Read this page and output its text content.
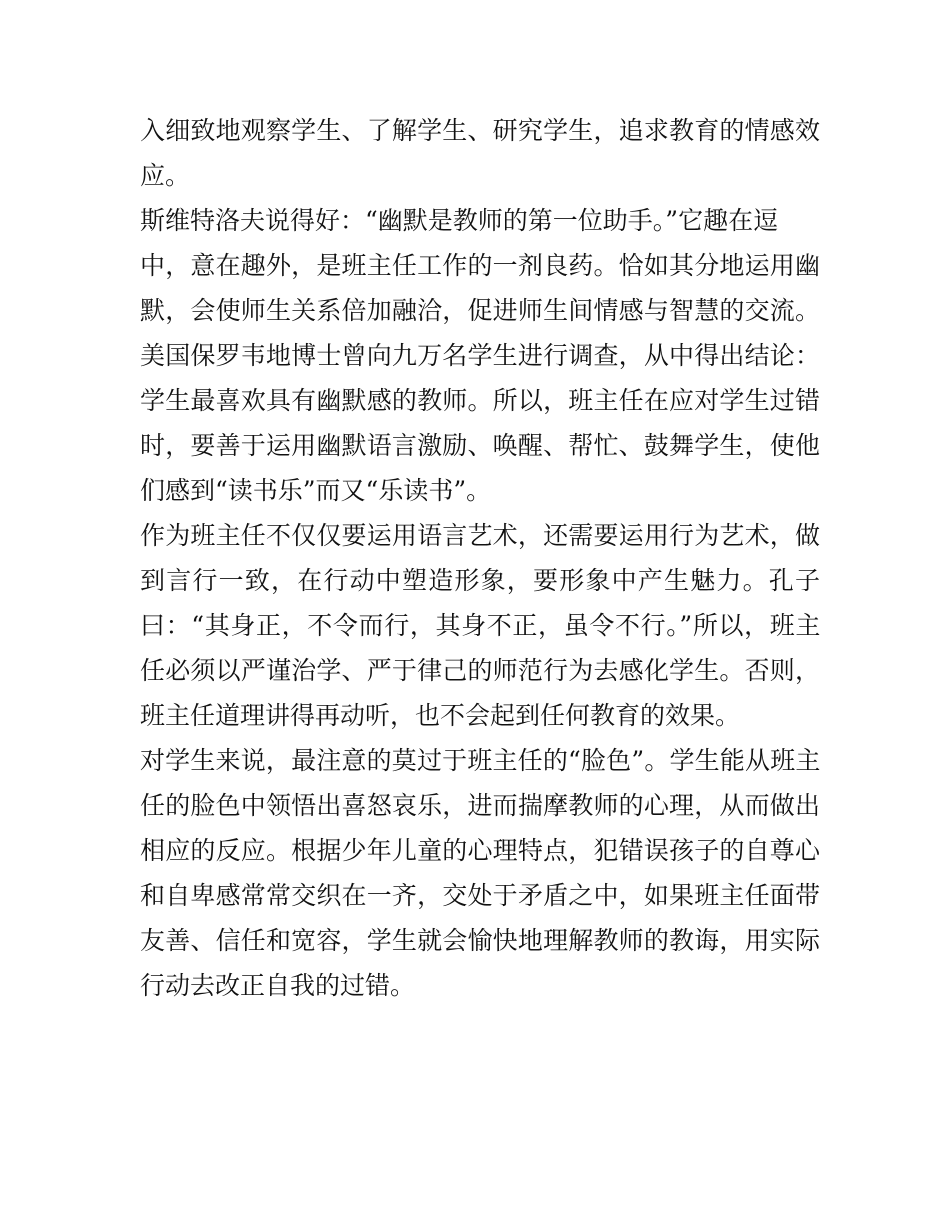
入细致地观察学生、了解学生、研究学生，追求教育的情感效
应。
斯维特洛夫说得好：“幽默是教师的第一位助手。”它趣在逗
中，意在趣外，是班主任工作的一剂良药。恰如其分地运用幽
默，会使师生关系倍加融洽，促进师生间情感与智慧的交流。
美国保罗韦地博士曾向九万名学生进行调查，从中得出结论：
学生最喜欢具有幽默感的教师。所以，班主任在应对学生过错
时，要善于运用幽默语言激励、唤醒、帮忙、鼓舞学生，使他
们感到“读书乐”而又“乐读书”。
作为班主任不仅仅要运用语言艺术，还需要运用行为艺术，做
到言行一致，在行动中塑造形象，要形象中产生魅力。孔子
曰：“其身正，不令而行，其身不正，虽令不行。”所以，班主
任必须以严谨治学、严于律己的师范行为去感化学生。否则，
班主任道理讲得再动听，也不会起到任何教育的效果。
对学生来说，最注意的莫过于班主任的“脸色”。学生能从班主
任的脸色中领悟出喜怒哀乐，进而揣摩教师的心理，从而做出
相应的反应。根据少年儿童的心理特点，犯错误孩子的自尊心
和自卑感常常交织在一齐，交处于矛盾之中，如果班主任面带
友善、信任和宽容，学生就会愉快地理解教师的教诲，用实际
行动去改正自我的过错。
